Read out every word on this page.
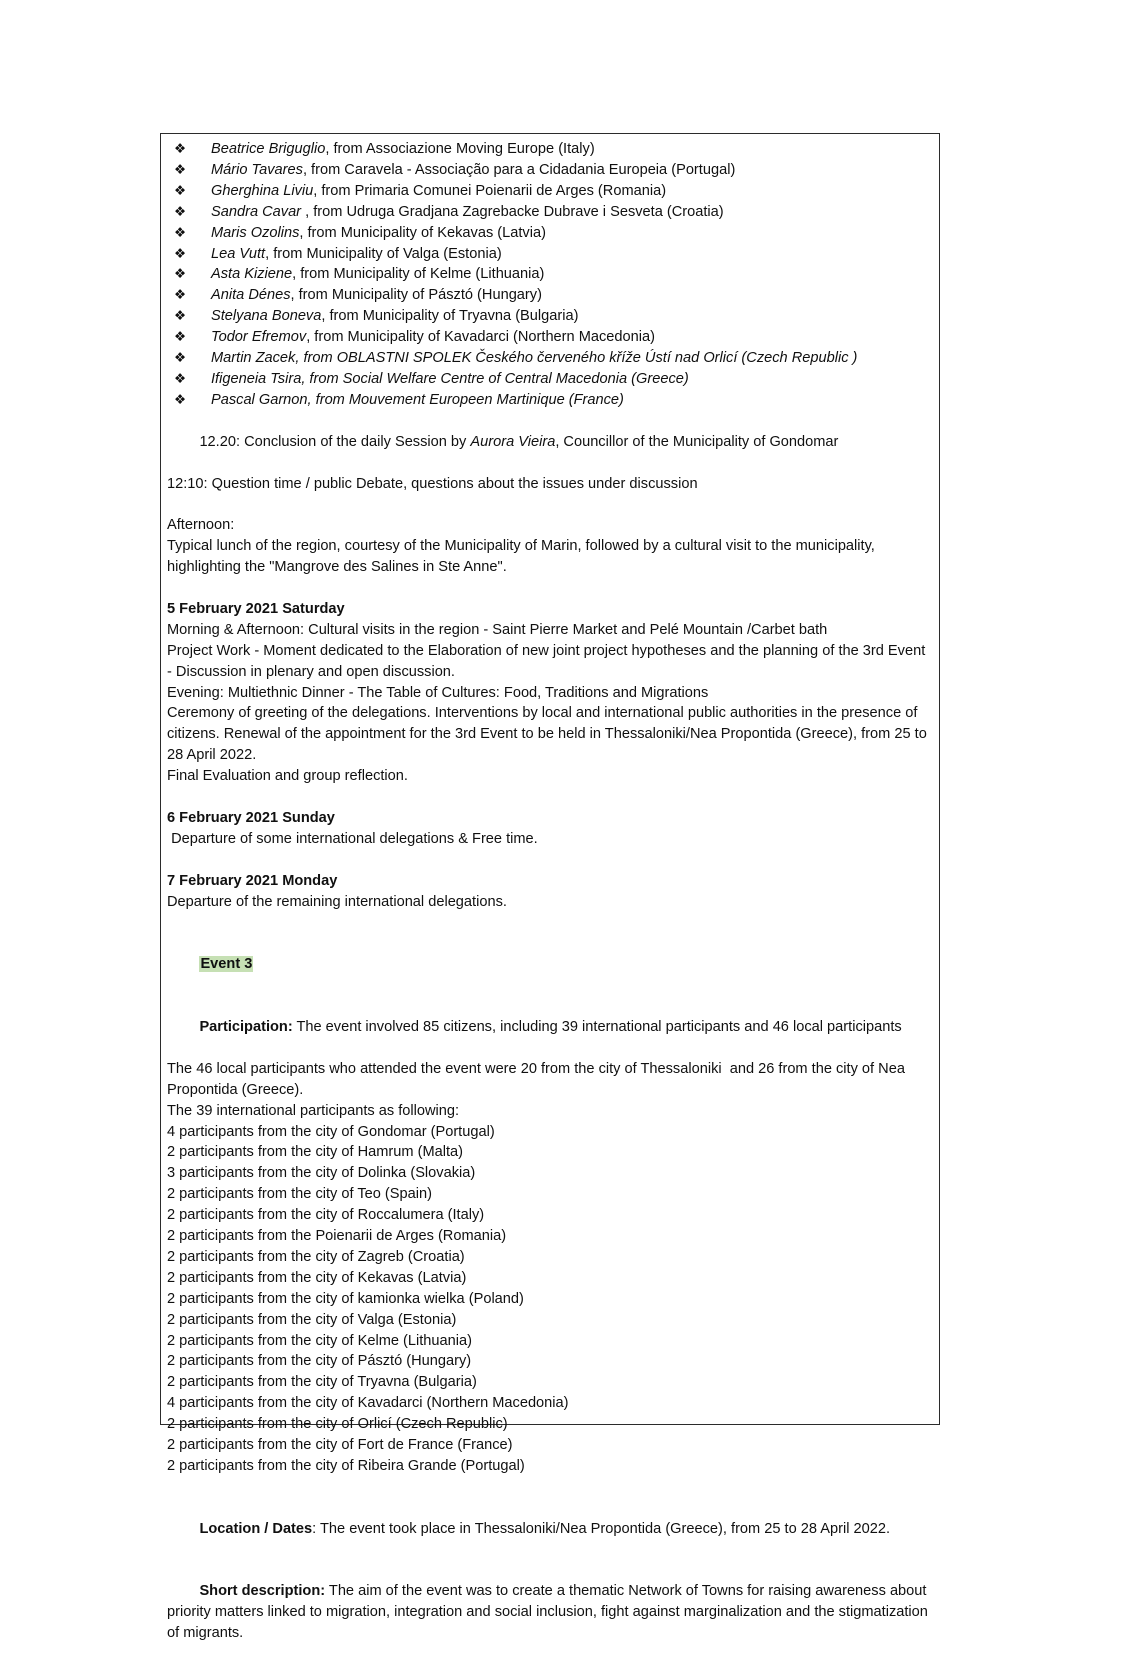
❖ Beatrice Briguglio, from Associazione Moving Europe (Italy)
❖ Mário Tavares, from Caravela - Associação para a Cidadania Europeia (Portugal)
❖ Gherghina Liviu, from Primaria Comunei Poienarii de Arges (Romania)
❖ Sandra Cavar , from Udruga Gradjana Zagrebacke Dubrave i Sesveta (Croatia)
❖ Maris Ozolins, from Municipality of Kekavas (Latvia)
❖ Lea Vutt, from Municipality of Valga (Estonia)
❖ Asta Kiziene, from Municipality of Kelme (Lithuania)
❖ Anita Dénes, from Municipality of Pásztó (Hungary)
❖ Stelyana Boneva, from Municipality of Tryavna (Bulgaria)
❖ Todor Efremov, from Municipality of Kavadarci (Northern Macedonia)
❖ Martin Zacek, from OBLASTNI SPOLEK Českého červeného kříže Ústí nad Orlicí (Czech Republic )
❖ Ifigeneia Tsira, from Social Welfare Centre of Central Macedonia (Greece)
❖ Pascal Garnon, from Mouvement Europeen Martinique (France)

12.20: Conclusion of the daily Session by Aurora Vieira, Councillor of the Municipality of Gondomar

12:10: Question time / public Debate, questions about the issues under discussion
Afternoon:
Typical lunch of the region, courtesy of the Municipality of Marin, followed by a cultural visit to the municipality, highlighting the "Mangrove des Salines in Ste Anne".
5 February 2021 Saturday
Morning & Afternoon: Cultural visits in the region - Saint Pierre Market and Pelé Mountain /Carbet bath
Project Work - Moment dedicated to the Elaboration of new joint project hypotheses and the planning of the 3rd Event - Discussion in plenary and open discussion.
Evening: Multiethnic Dinner - The Table of Cultures: Food, Traditions and Migrations
Ceremony of greeting of the delegations. Interventions by local and international public authorities in the presence of citizens. Renewal of the appointment for the 3rd Event to be held in Thessaloniki/Nea Propontida (Greece), from 25 to 28 April 2022.
Final Evaluation and group reflection.
6 February 2021 Sunday
Departure of some international delegations & Free time.
7 February 2021 Monday
Departure of the remaining international delegations.

Event 3

Participation: The event involved 85 citizens, including 39 international participants and 46 local participants

The 46 local participants who attended the event were 20 from the city of Thessaloniki  and 26 from the city of Nea Propontida (Greece).
The 39 international participants as following:
4 participants from the city of Gondomar (Portugal)
2 participants from the city of Hamrum (Malta)
3 participants from the city of Dolinka (Slovakia)
2 participants from the city of Teo (Spain)
2 participants from the city of Roccalumera (Italy)
2 participants from the Poienarii de Arges (Romania)
2 participants from the city of Zagreb (Croatia)
2 participants from the city of Kekavas (Latvia)
2 participants from the city of kamionka wielka (Poland)
2 participants from the city of Valga (Estonia)
2 participants from the city of Kelme (Lithuania)
2 participants from the city of Pásztó (Hungary)
2 participants from the city of Tryavna (Bulgaria)
4 participants from the city of Kavadarci (Northern Macedonia)
2 participants from the city of Orlicí (Czech Republic)
2 participants from the city of Fort de France (France)
2 participants from the city of Ribeira Grande (Portugal)

Location / Dates: The event took place in Thessaloniki/Nea Propontida (Greece), from 25 to 28 April 2022.

Short description: The aim of the event was to create a thematic Network of Towns for raising awareness about priority matters linked to migration, integration and social inclusion, fight against marginalization and the stigmatization of migrants.
